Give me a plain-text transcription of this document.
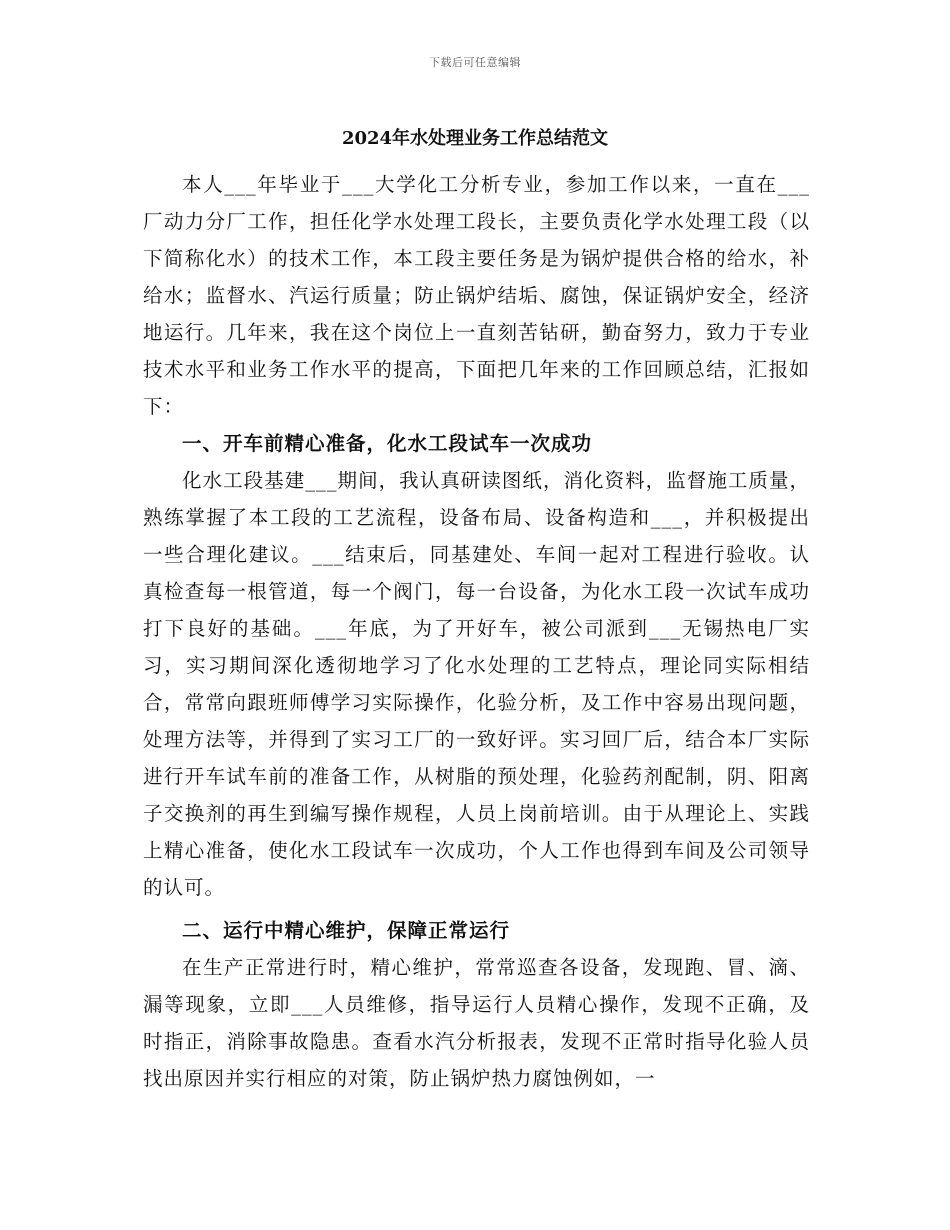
下载后可任意编辑
2024年水处理业务工作总结范文

本人___年毕业于___大学化工分析专业，参加工作以来，一直在___厂动力分厂工作，担任化学水处理工段长，主要负责化学水处理工段（以下简称化水）的技术工作，本工段主要任务是为锅炉提供合格的给水，补给水；监督水、汽运行质量；防止锅炉结垢、腐蚀，保证锅炉安全，经济地运行。几年来，我在这个岗位上一直刻苦钻研，勤奋努力，致力于专业技术水平和业务工作水平的提高，下面把几年来的工作回顾总结，汇报如下：

一、开车前精心准备，化水工段试车一次成功

化水工段基建___期间，我认真研读图纸，消化资料，监督施工质量，熟练掌握了本工段的工艺流程，设备布局、设备构造和___，并积极提出一些合理化建议。___结束后，同基建处、车间一起对工程进行验收。认真检查每一根管道，每一个阀门，每一台设备，为化水工段一次试车成功打下良好的基础。___年底，为了开好车，被公司派到___无锡热电厂实习，实习期间深化透彻地学习了化水处理的工艺特点，理论同实际相结合，常常向跟班师傅学习实际操作，化验分析，及工作中容易出现问题，处理方法等，并得到了实习工厂的一致好评。实习回厂后，结合本厂实际进行开车试车前的准备工作，从树脂的预处理，化验药剂配制，阴、阳离子交换剂的再生到编写操作规程，人员上岗前培训。由于从理论上、实践上精心准备，使化水工段试车一次成功，个人工作也得到车间及公司领导的认可。

二、运行中精心维护，保障正常运行

在生产正常进行时，精心维护，常常巡查各设备，发现跑、冒、滴、漏等现象，立即___人员维修，指导运行人员精心操作，发现不正确，及时指正，消除事故隐患。查看水汽分析报表，发现不正常时指导化验人员找出原因并实行相应的对策，防止锅炉热力腐蚀例如，一
